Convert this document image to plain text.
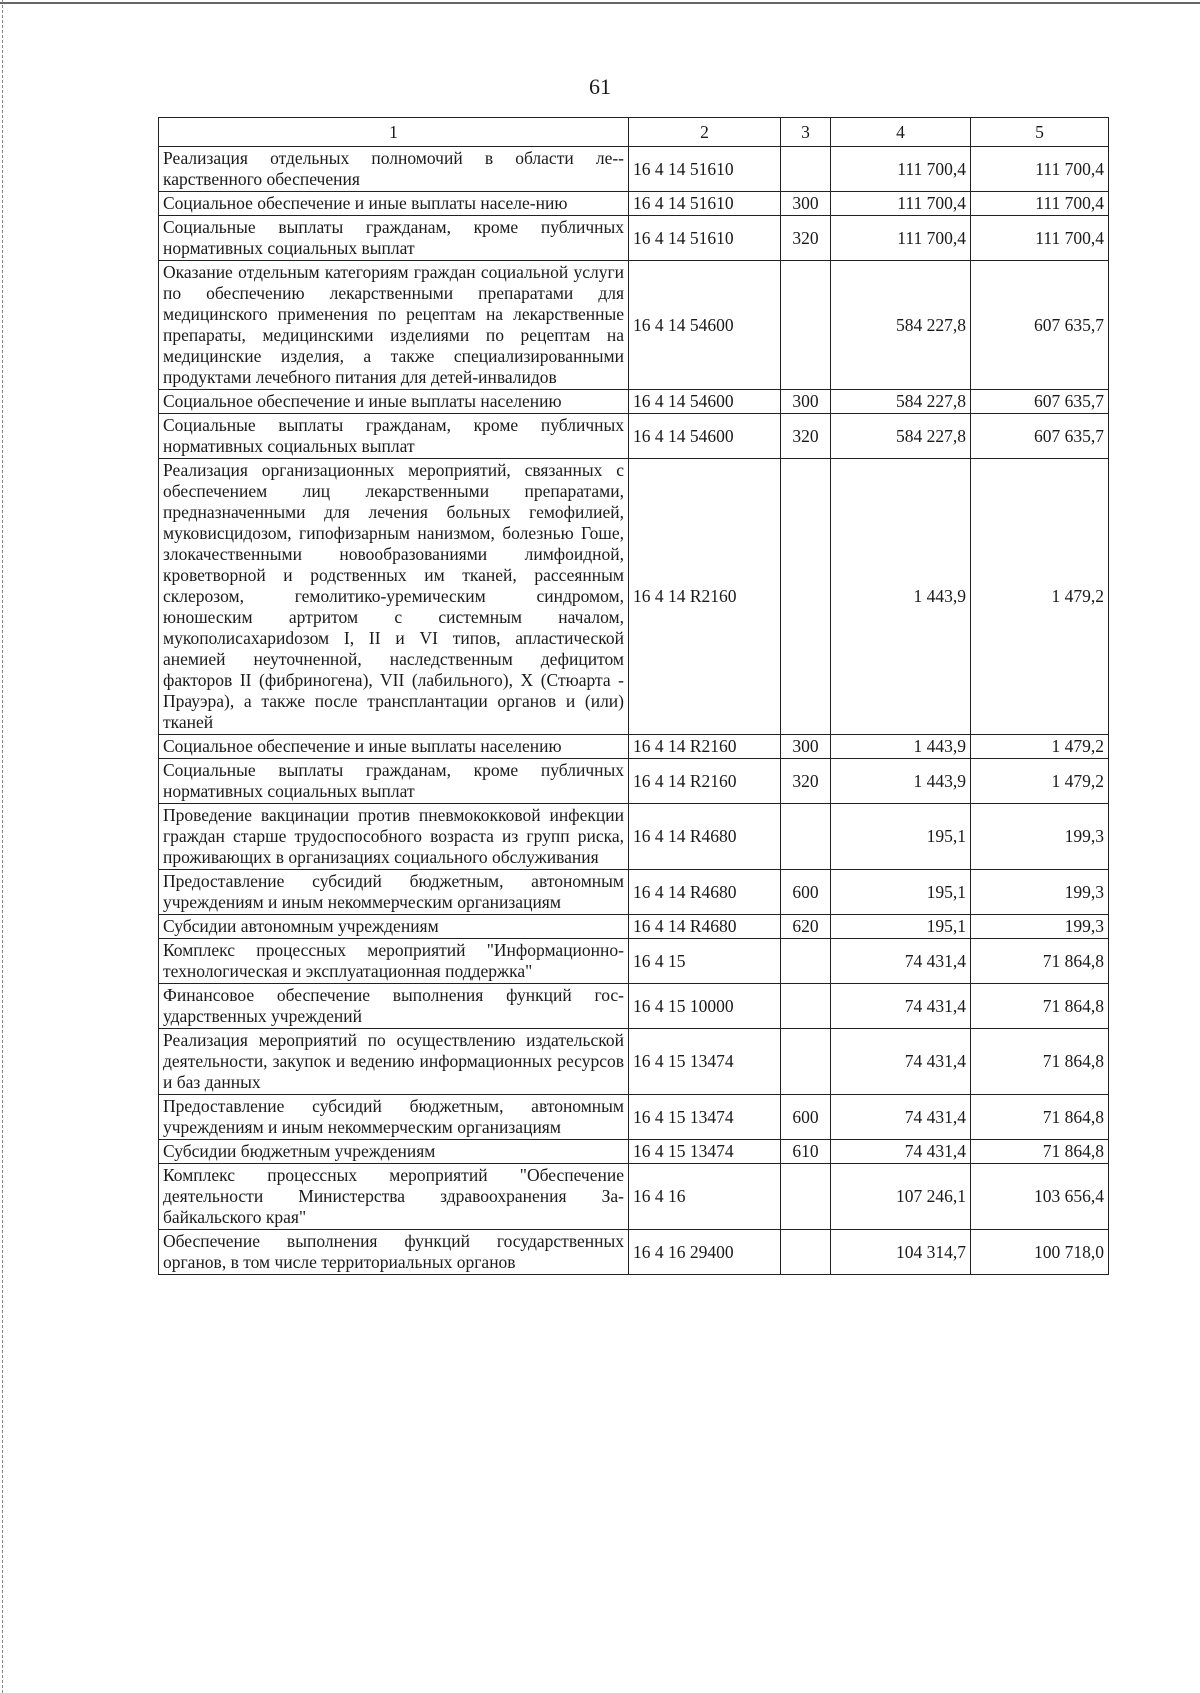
61
1	2	3	4	5
Реализация отдельных полномочий в области ле-карственного обеспечения	16 4 14 51610		111 700,4	111 700,4
Социальное обеспечение и иные выплаты населе-нию	16 4 14 51610	300	111 700,4	111 700,4
Социальные выплаты гражданам, кроме публичных нормативных социальных выплат	16 4 14 51610	320	111 700,4	111 700,4
Оказание отдельным категориям граждан социальной услуги по обеспечению лекарственными препаратами для медицинского применения по рецептам на лекарственные препараты, медицинскими изделиями по рецептам на медицинские изделия, а также специализированными продуктами лечебного питания для детей-инвалидов	16 4 14 54600		584 227,8	607 635,7
Социальное обеспечение и иные выплаты населению	16 4 14 54600	300	584 227,8	607 635,7
Социальные выплаты гражданам, кроме публичных нормативных социальных выплат	16 4 14 54600	320	584 227,8	607 635,7
Реализация организационных мероприятий, связанных с обеспечением лиц лекарственными препаратами, предназначенными для лечения больных гемофилией, муковисцидозом, гипофизарным нанизмом, болезнью Гоше, злокачественными новообразованиями лимфоидной, кроветворной и родственных им тканей, рассеянным склерозом, гемолитико-уремическим синдромом, юношеским артритом с системным началом, мукополисахариdозом I, II и VI типов, апластической анемией неуточненной, наследственным дефицитом факторов II (фибриногена), VII (лабильного), X (Стюарта - Прауэра), а также после трансплантации органов и (или) тканей	16 4 14 R2160		1 443,9	1 479,2
Социальное обеспечение и иные выплаты населению	16 4 14 R2160	300	1 443,9	1 479,2
Социальные выплаты гражданам, кроме публичных нормативных социальных выплат	16 4 14 R2160	320	1 443,9	1 479,2
Проведение вакцинации против пневмококковой инфекции граждан старше трудоспособного возраста из групп риска, проживающих в организациях социального обслуживания	16 4 14 R4680		195,1	199,3
Предоставление субсидий бюджетным, автономным учреждениям и иным некоммерческим организациям	16 4 14 R4680	600	195,1	199,3
Субсидии автономным учреждениям	16 4 14 R4680	620	195,1	199,3
Комплекс процессных мероприятий "Информационно-технологическая и эксплуатационная поддержка"	16 4 15		74 431,4	71 864,8
Финансовое обеспечение выполнения функций государственных учреждений	16 4 15 10000		74 431,4	71 864,8
Реализация мероприятий по осуществлению издательской деятельности, закупок и ведению информационных ресурсов и баз данных	16 4 15 13474		74 431,4	71 864,8
Предоставление субсидий бюджетным, автономным учреждениям и иным некоммерческим организациям	16 4 15 13474	600	74 431,4	71 864,8
Субсидии бюджетным учреждениям	16 4 15 13474	610	74 431,4	71 864,8
Комплекс процессных мероприятий "Обеспечение деятельности Министерства здравоохранения Забайкальского края"	16 4 16		107 246,1	103 656,4
Обеспечение выполнения функций государственных органов, в том числе территориальных органов	16 4 16 29400		104 314,7	100 718,0
